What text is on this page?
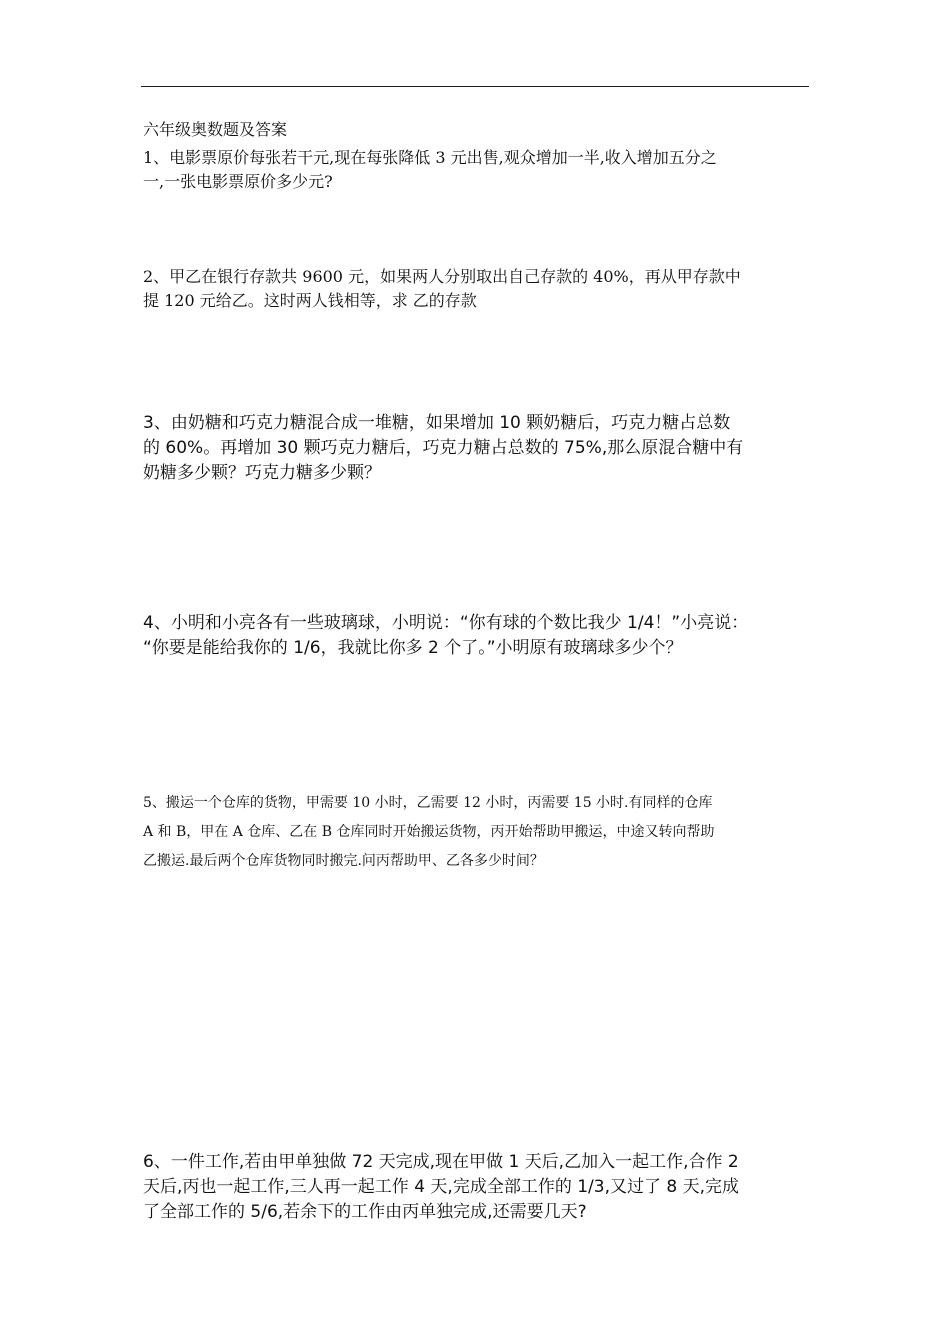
六年级奥数题及答案
1、电影票原价每张若干元,现在每张降低 3 元出售,观众增加一半,收入增加五分之
一,一张电影票原价多少元?
2、甲乙在银行存款共 9600 元，如果两人分别取出自己存款的 40%，再从甲存款中
提 120 元给乙。这时两人钱相等，求 乙的存款
3、由奶糖和巧克力糖混合成一堆糖，如果增加 10 颗奶糖后，巧克力糖占总数
的 60%。再增加 30 颗巧克力糖后，巧克力糖占总数的 75%,那么原混合糖中有
奶糖多少颗？巧克力糖多少颗？
4、小明和小亮各有一些玻璃球，小明说：“你有球的个数比我少 1/4！”小亮说：
“你要是能给我你的 1/6，我就比你多 2 个了。”小明原有玻璃球多少个？
5、搬运一个仓库的货物，甲需要 10 小时，乙需要 12 小时，丙需要 15 小时.有同样的仓库
A 和 B，甲在 A 仓库、乙在 B 仓库同时开始搬运货物，丙开始帮助甲搬运，中途又转向帮助
乙搬运.最后两个仓库货物同时搬完.问丙帮助甲、乙各多少时间？
6、一件工作,若由甲单独做 72 天完成,现在甲做 1 天后,乙加入一起工作,合作 2
天后,丙也一起工作,三人再一起工作 4 天,完成全部工作的 1/3,又过了 8 天,完成
了全部工作的 5/6,若余下的工作由丙单独完成,还需要几天?
